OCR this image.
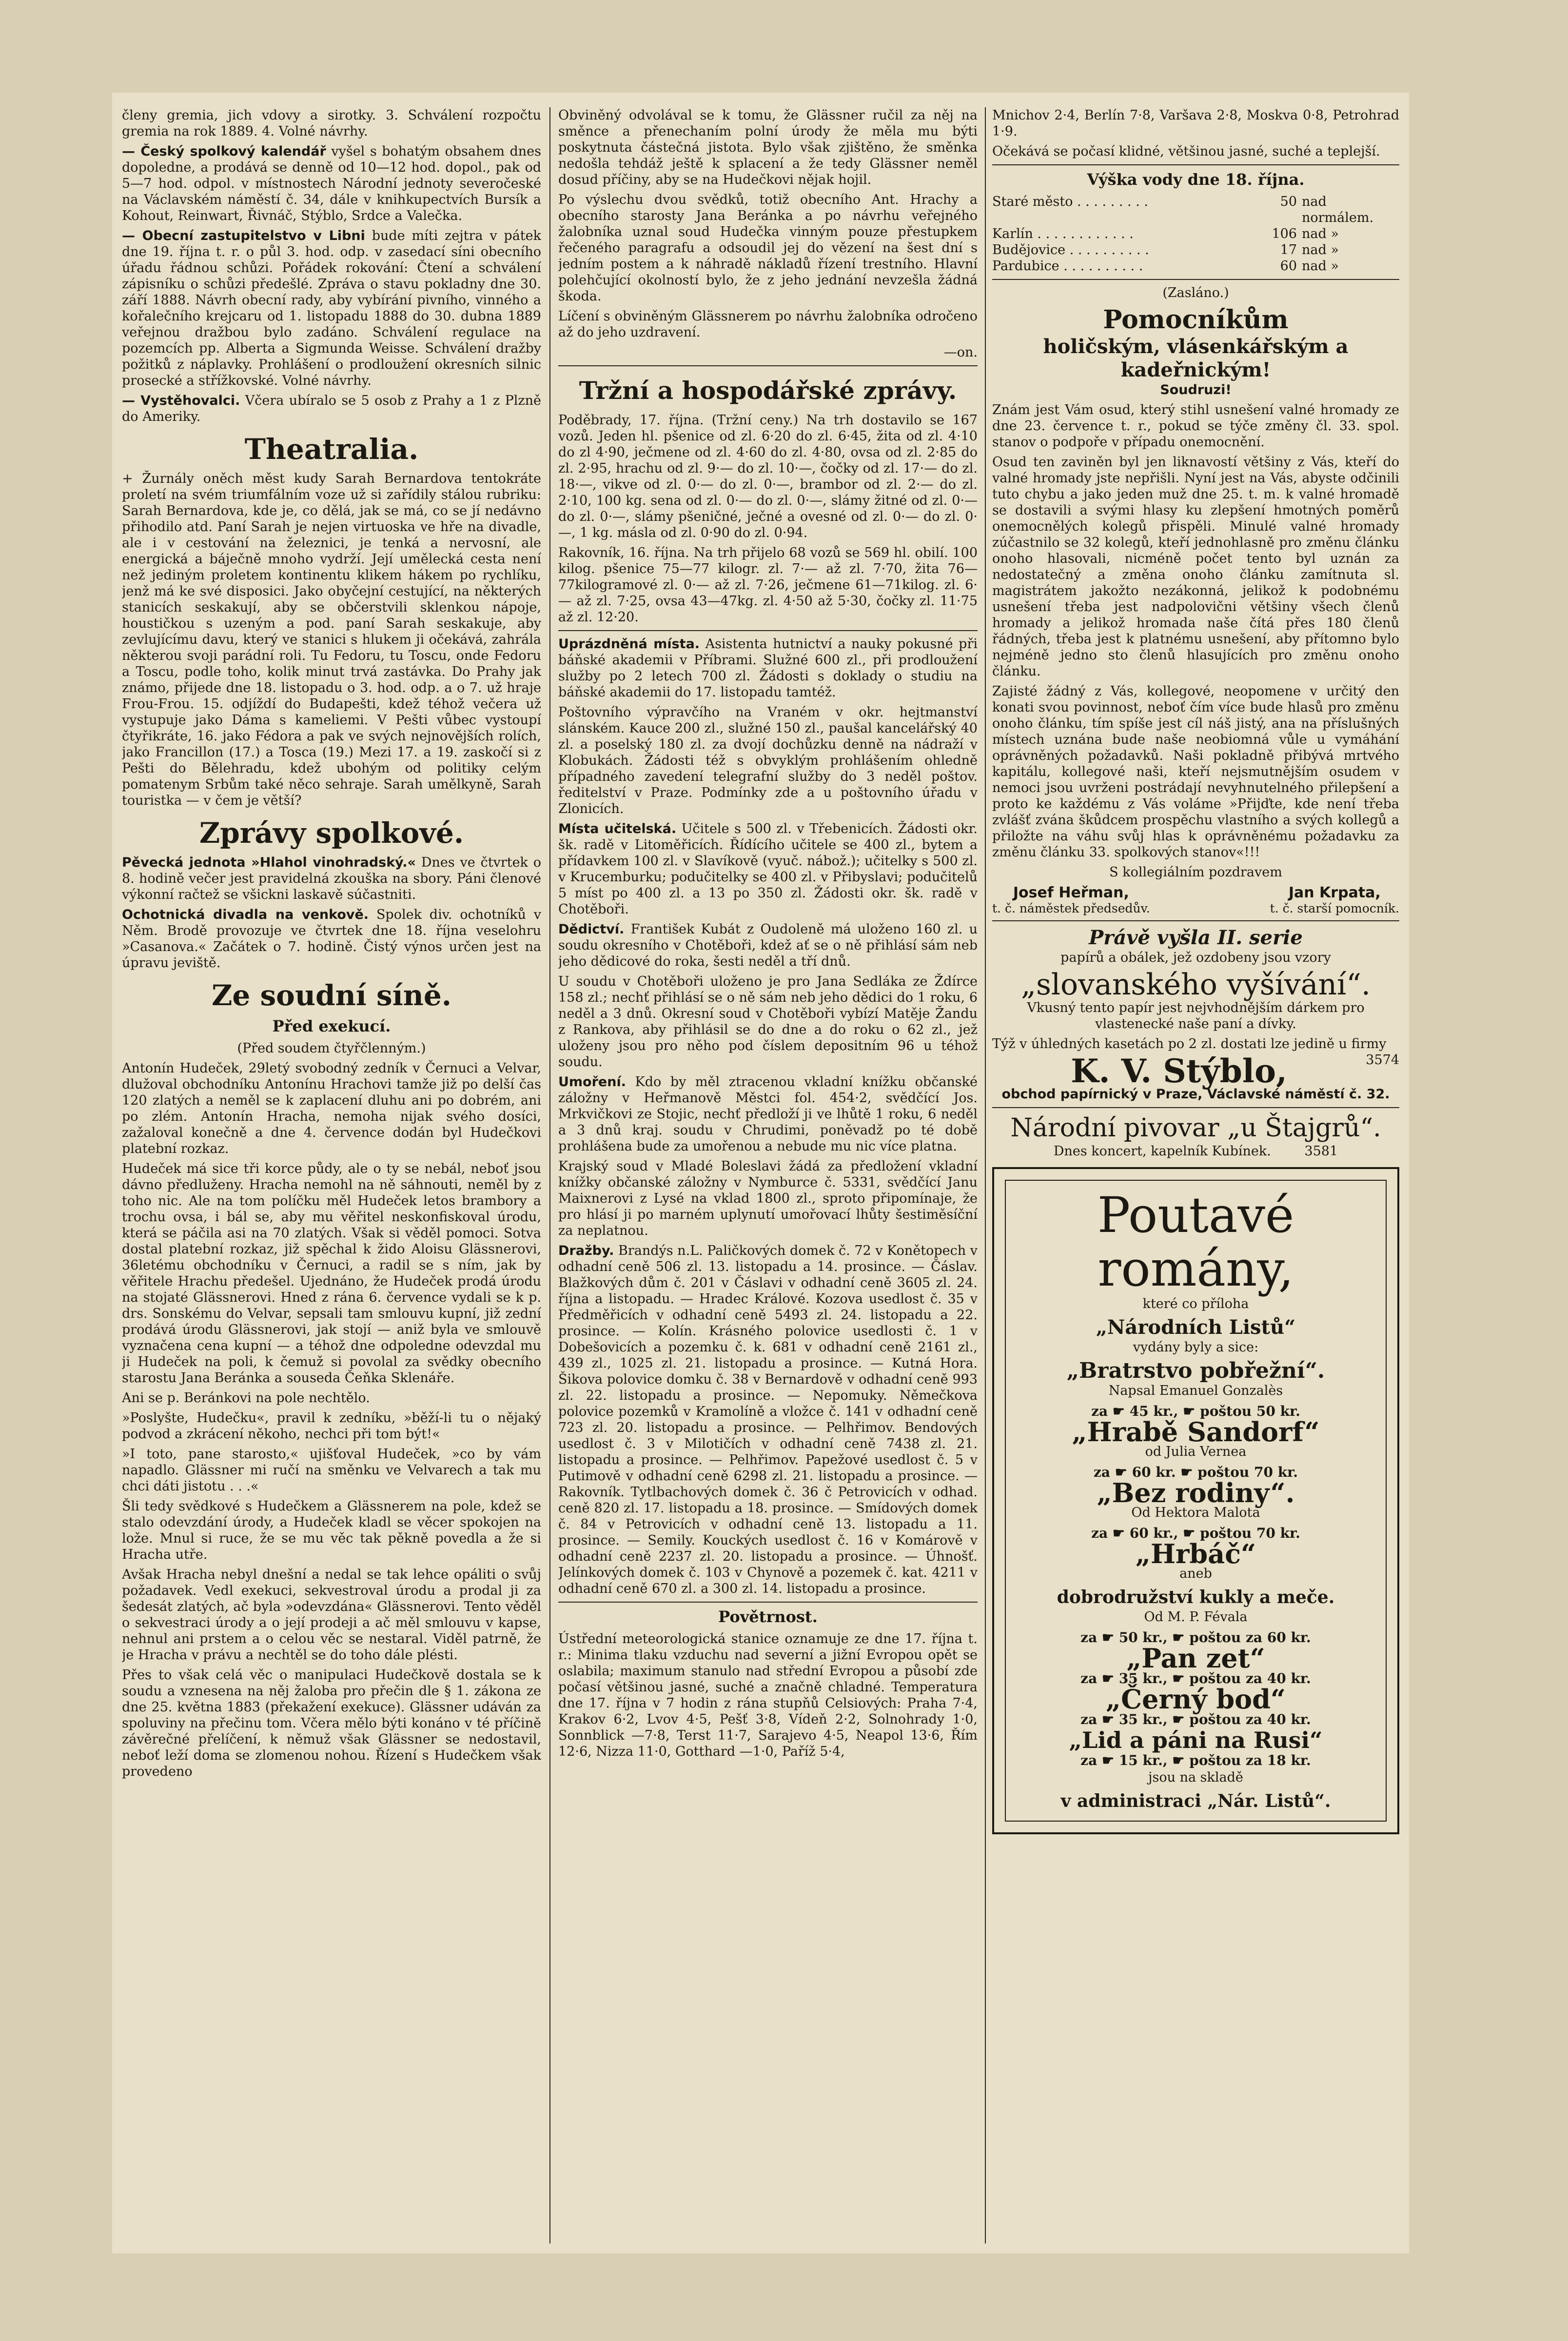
členy gremia, jich vdovy a sirotky. 3. Schválení rozpočtu gremia na rok 1889. 4. Volné návrhy.

— Český spolkový kalendář vyšel s bohatým obsahem dnes dopoledne, a prodává se denně od 10—12 hod. dopol., pak od 5—7 hod. odpol. v místnostech Národní jednoty severočeské na Václavském náměstí č. 34, dále v knihkupectvích Bursík a Kohout, Reinwart, Řivnáč, Stýblo, Srdce a Valečka.

— Obecní zastupitelstvo v Libni bude míti zejtra v pátek dne 19. října t. r. o půl 3. hod. odp. v zasedací síni obecního úřadu řádnou schůzi. Pořádek rokování: Čtení a schválení zápisníku o schůzi předešlé. Zpráva o stavu pokladny dne 30. září 1888. Návrh obecní rady, aby vybírání pivního, vinného a kořalečního krejcaru od 1. listopadu 1888 do 30. dubna 1889 veřejnou dražbou bylo zadáno. Schválení regulace na pozemcích pp. Alberta a Sigmunda Weisse. Schválení dražby požitků z náplavky. Prohlášení o prodloužení okresních silnic prosecké a střížkovské. Volné návrhy.

— Vystěhovalci. Včera ubíralo se 5 osob z Prahy a 1 z Plzně do Ameriky.

Theatralia.

+ Žurnály oněch měst kudy Sarah Bernardova tentokráte proletí na svém triumfálním voze už si zařídily stálou rubriku: Sarah Bernardova, kde je, co dělá, jak se má, co se jí nedávno přihodilo atd. Paní Sarah je nejen virtuoska ve hře na divadle, ale i v cestování na železnici, je tenká a nervosní, ale energická a báječně mnoho vydrží. Její umělecká cesta není než jediným proletem kontinentu klikem hákem po rychlíku, jenž má ke své disposici. Jako obyčejní cestující, na některých stanicích seskakují, aby se občerstvili sklenkou nápoje, houstičkou s uzeným a pod. paní Sarah seskakuje, aby zevlujícímu davu, který ve stanici s hlukem ji očekává, zahrála některou svoji parádní roli. Tu Fedoru, tu Toscu, onde Fedoru a Toscu, podle toho, kolik minut trvá zastávka. Do Prahy jak známo, přijede dne 18. listopadu o 3. hod. odp. a o 7. už hraje Frou-Frou. 15. odjíždí do Budapešti, kdež téhož večera už vystupuje jako Dáma s kameliemi. V Pešti vůbec vystoupí čtyřikráte, 16. jako Fédora a pak ve svých nejnovějších rolích, jako Francillon (17.) a Tosca (19.) Mezi 17. a 19. zaskočí si z Pešti do Bělehradu, kdež ubohým od politiky celým pomatenym Srbům také něco sehraje. Sarah umělkyně, Sarah touristka — v čem je větší?

Zprávy spolkové.

Pěvecká jednota »Hlahol vinohradský.« Dnes ve čtvrtek o 8. hodině večer jest pravidelná zkouška na sbory. Páni členové výkonní račtež se všickni laskavě súčastniti.

Ochotnická divadla na venkově. Spolek div. ochotníků v Něm. Brodě provozuje ve čtvrtek dne 18. října veselohru »Casanova.« Začátek o 7. hodině. Čistý výnos určen jest na úpravu jeviště.

Ze soudní síně.
Před exekucí.

(Před soudem čtyřčlenným.)

Antonín Hudeček, 29letý svobodný zedník v Černuci a Velvar, dlužoval obchodníku Antonínu Hrachovi tamže již po delší čas 120 zlatých a neměl se k zaplacení dluhu ani po dobrém, ani po zlém. Antonín Hracha, nemoha nijak svého dosíci, zažaloval konečně a dne 4. července dodán byl Hudečkovi platební rozkaz.

Hudeček má sice tři korce půdy, ale o ty se nebál, neboť jsou dávno předluženy. Hracha nemohl na ně sáhnouti, neměl by z toho nic. Ale na tom políčku měl Hudeček letos brambory a trochu ovsa, i bál se, aby mu věřitel neskonfiskoval úrodu, která se páčila asi na 70 zlatých. Však si věděl pomoci. Sotva dostal platební rozkaz, již spěchal k žido Aloisu Glässnerovi, 36letému obchodníku v Černuci, a radil se s ním, jak by věřitele Hrachu předešel. Ujednáno, že Hudeček prodá úrodu na stojaté Glässnerovi. Hned z rána 6. července vydali se k p. drs. Sonskému do Velvar, sepsali tam smlouvu kupní, již zední prodává úrodu Glässnerovi, jak stojí — aniž byla ve smlouvě vyznačena cena kupní — a téhož dne odpoledne odevzdal mu ji Hudeček na poli, k čemuž si povolal za svědky obecního starostu Jana Beránka a souseda Čeňka Sklenáře.

Ani se p. Beránkovi na pole nechtělo.

»Poslyšte, Hudečku«, pravil k zedníku, »běží-li tu o nějaký podvod a zkrácení někoho, nechci při tom být!«

»I toto, pane starosto,« ujišťoval Hudeček, »co by vám napadlo. Glässner mi ručí na směnku ve Velvarech a tak mu chci dáti jistotu . . .«

Šli tedy svědkové s Hudečkem a Glässnerem na pole, kdež se stalo odevzdání úrody, a Hudeček kladl se věcer spokojen na lože. Mnul si ruce, že se mu věc tak pěkně povedla a že si Hracha utře.

Avšak Hracha nebyl dnešní a nedal se tak lehce opáliti o svůj požadavek. Vedl exekuci, sekvestroval úrodu a prodal ji za šedesát zlatých, ač byla »odevzdána« Glässnerovi. Tento věděl o sekvestraci úrody a o její prodeji a ač měl smlouvu v kapse, nehnul ani prstem a o celou věc se nestaral. Viděl patrně, že je Hracha v právu a nechtěl se do toho dále plésti.

Přes to však celá věc o manipulaci Hudečkově dostala se k soudu a vznesena na něj žaloba pro přečin dle § 1. zákona ze dne 25. května 1883 (překažení exekuce). Glässner udáván za spoluviny na přečinu tom. Včera mělo býti konáno v té příčině závěrečné přelíčení, k němuž však Glässner se nedostavil, neboť leží doma se zlomenou nohou. Řízení s Hudečkem však provedeno

Obviněný odvolával se k tomu, že Glässner ručil za něj na směnce a přenechaním polní úrody že měla mu býti poskytnuta částečná jistota. Bylo však zjištěno, že směnka nedošla tehdáž ještě k splacení a že tedy Glässner neměl dosud příčiny, aby se na Hudečkovi nějak hojil.

Po výslechu dvou svědků, totiž obecního Ant. Hrachy a obecního starosty Jana Beránka a po návrhu veřejného žalobníka uznal soud Hudečka vinným pouze přestupkem řečeného paragrafu a odsoudil jej do vězení na šest dní s jedním postem a k náhradě nákladů řízení trestního. Hlavní polehčující okolností bylo, že z jeho jednání nevzešla žádná škoda.

Líčení s obviněným Glässnerem po návrhu žalobníka odročeno až do jeho uzdravení.

—on.

Tržní a hospodářské zprávy.

Poděbrady, 17. října. (Tržní ceny.) Na trh dostavilo se 167 vozů. Jeden hl. pšenice od zl. 6·20 do zl. 6·45, žita od zl. 4·10 do zl 4·90, ječmene od zl. 4·60 do zl. 4·80, ovsa od zl. 2·85 do zl. 2·95, hrachu od zl. 9·— do zl. 10·—, čočky od zl. 17·— do zl. 18·—, vikve od zl. 0·— do zl. 0·—, brambor od zl. 2·— do zl. 2·10, 100 kg. sena od zl. 0·— do zl. 0·—, slámy žitné od zl. 0·— do zl. 0·—, slámy pšeničné, ječné a ovesné od zl. 0·— do zl. 0·—, 1 kg. másla od zl. 0·90 do zl. 0·94.

Rakovník, 16. října. Na trh přijelo 68 vozů se 569 hl. obilí. 100 kilog. pšenice 75—77 kilogr. zl. 7·— až zl. 7·70, žita 76—77kilogramové zl. 0·— až zl. 7·26, ječmene 61—71kilog. zl. 6·— až zl. 7·25, ovsa 43—47kg. zl. 4·50 až 5·30, čočky zl. 11·75 až zl. 12·20.

Uprázdněná místa. Asistenta hutnictví a nauky pokusné při báňské akademii v Příbrami. Služné 600 zl., při prodloužení služby po 2 letech 700 zl. Žádosti s doklady o studiu na báňské akademii do 17. listopadu tamtéž.

Poštovního výpravčího na Vraném v okr. hejtmanství slánském. Kauce 200 zl., služné 150 zl., paušal kancelářský 40 zl. a poselský 180 zl. za dvojí dochůzku denně na nádraží v Klobukách. Žádosti též s obvyklým prohlášením ohledně případného zavedení telegrafní služby do 3 neděl poštov. ředitelství v Praze. Podmínky zde a u poštovního úřadu v Zlonicích.

Místa učitelská. Učitele s 500 zl. v Třebenicích. Žádosti okr. šk. radě v Litoměřicích. Řídícího učitele se 400 zl., bytem a přídavkem 100 zl. v Slavíkově (vyuč. nábož.); učitelky s 500 zl. v Krucemburku; podučitelky se 400 zl. v Přibyslavi; podučitelů 5 míst po 400 zl. a 13 po 350 zl. Žádosti okr. šk. radě v Chotěboři.

Dědictví. František Kubát z Oudoleně má uloženo 160 zl. u soudu okresního v Chotěboři, kdež ať se o ně přihlásí sám neb jeho dědicové do roka, šesti neděl a tří dnů.

U soudu v Chotěboři uloženo je pro Jana Sedláka ze Ždírce 158 zl.; nechť přihlásí se o ně sám neb jeho dědici do 1 roku, 6 neděl a 3 dnů. Okresní soud v Chotěboři vybízí Matěje Žandu z Rankova, aby přihlásil se do dne a do roku o 62 zl., jež uloženy jsou pro něho pod číslem depositním 96 u téhož soudu.

Umoření. Kdo by měl ztracenou vkladní knížku občanské záložny v Heřmanově Městci fol. 454·2, svědčící Jos. Mrkvičkovi ze Stojic, nechť předloží ji ve lhůtě 1 roku, 6 neděl a 3 dnů kraj. soudu v Chrudimi, poněvadž po té době prohlášena bude za umořenou a nebude mu nic více platna.

Krajský soud v Mladé Boleslavi žádá za předložení vkladní knížky občanské záložny v Nymburce č. 5331, svědčící Janu Maixnerovi z Lysé na vklad 1800 zl., sproto připomínaje, že pro hlásí ji po marném uplynutí umořovací lhůty šestiměsíční za neplatnou.

Dražby. Brandýs n.L. Paličkových domek č. 72 v Konětopech v odhadní ceně 506 zl. 13. listopadu a 14. prosince. — Čáslav. Blažkových dům č. 201 v Čáslavi v odhadní ceně 3605 zl. 24. října a listopadu. — Hradec Králové. Kozova usedlost č. 35 v Předměřicích v odhadní ceně 5493 zl. 24. listopadu a 22. prosince. — Kolín. Krásného polovice usedlosti č. 1 v Dobešovicích a pozemku č. k. 681 v odhadní ceně 2161 zl., 439 zl., 1025 zl. 21. listopadu a prosince. — Kutná Hora. Šikova polovice domku č. 38 v Bernardově v odhadní ceně 993 zl. 22. listopadu a prosince. — Nepomuky. Němečkova polovice pozemků v Kramolíně a vložce č. 141 v odhadní ceně 723 zl. 20. listopadu a prosince. — Pelhřimov. Bendových usedlost č. 3 v Milotičích v odhadní ceně 7438 zl. 21. listopadu a prosince. — Pelhřimov. Papežové usedlost č. 5 v Putimově v odhadní ceně 6298 zl. 21. listopadu a prosince. — Rakovník. Tytlbachových domek č. 36 č Petrovicích v odhad. ceně 820 zl. 17. listopadu a 18. prosince. — Smídových domek č. 84 v Petrovicích v odhadní ceně 13. listopadu a 11. prosince. — Semily. Kouckých usedlost č. 16 v Komárově v odhadní ceně 2237 zl. 20. listopadu a prosince. — Úhnošť. Jelínkových domek č. 103 v Chynově a pozemek č. kat. 4211 v odhadní ceně 670 zl. a 300 zl. 14. listopadu a prosince.

Povětrnost.

Ústřední meteorologická stanice oznamuje ze dne 17. října t. r.: Minima tlaku vzduchu nad severní a jižní Evropou opět se oslabila; maximum stanulo nad střední Evropou a působí zde počasí většinou jasné, suché a značně chladné. Temperatura dne 17. října v 7 hodin z rána stupňů Celsiových: Praha 7·4, Krakov 6·2, Lvov 4·5, Pešť 3·8, Vídeň 2·2, Solnohrady 1·0, Sonnblick —7·8, Terst 11·7, Sarajevo 4·5, Neapol 13·6, Řím 12·6, Nizza 11·0, Gotthard —1·0, Paříž 5·4,

Mnichov 2·4, Berlín 7·8, Varšava 2·8, Moskva 0·8, Petrohrad 1·9.

Očekává se počasí klidné, většinou jasné, suché a teplejší.

Výška vody dne 18. října.
Staré město . . . . . . . . .	50 nad normálem.
Karlín . . . . . . . . . . . .	106 nad »
Budějovice . . . . . . . . . .	17 nad »
Pardubice . . . . . . . . . .	60 nad »

(Zasláno.)

Pomocníkům
holičským, vlásenkářským a kadeřnickým!

Soudruzi!

Znám jest Vám osud, který stihl usnešení valné hromady ze dne 23. července t. r., pokud se týče změny čl. 33. spol. stanov o podpoře v případu onemocnění.

Osud ten zaviněn byl jen liknavostí většiny z Vás, kteří do valné hromady jste nepřišli. Nyní jest na Vás, abyste odčinili tuto chybu a jako jeden muž dne 25. t. m. k valné hromadě se dostavili a svými hlasy ku zlepšení hmotných poměrů onemocnělých kolegů přispěli. Minulé valné hromady zúčastnilo se 32 kolegů, kteří jednohlasně pro změnu článku onoho hlasovali, nicméně počet tento byl uznán za nedostatečný a změna onoho článku zamítnuta sl. magistrátem jakožto nezákonná, jelikož k podobnému usnešení třeba jest nadpolovični většiny všech členů hromady a jelikož hromada naše čítá přes 180 členů řádných, třeba jest k platnému usnešení, aby přítomno bylo nejméně jedno sto členů hlasujících pro změnu onoho článku.

Zajisté žádný z Vás, kollegové, neopomene v určitý den konati svou povinnost, neboť čím více bude hlasů pro změnu onoho článku, tím spíše jest cíl náš jistý, ana na příslušných místech uznána bude naše neobiomná vůle u vymáhání oprávněných požadavků. Naši pokladně přibývá mrtvého kapitálu, kollegové naši, kteří nejsmutnějším osudem v nemoci jsou uvrženi postrádají nevyhnutelného přilepšení a proto ke každému z Vás voláme »Přijďte, kde není třeba zvlášť zvána škůdcem prospěchu vlastního a svých kollegů a přiložte na váhu svůj hlas k oprávněnému požadavku za změnu článku 33. spolkových stanov«!!!

S kollegiálním pozdravem

Josef Heřman,
t. č. náměstek předsedův.
Jan Krpata,
t. č. starší pomocník.
Právě vyšla II. serie

papírů a obálek, jež ozdobeny jsou vzory

„slovanského vyšívání“.

Vkusný tento papír jest nejvhodnějším dárkem pro vlastenecké naše paní a dívky.

Týž v úhledných kasetách po 2 zl. dostati lze jedině u firmy
3574

K. V. Stýblo,

obchod papírnický v Praze, Václavské náměstí č. 32.

Národní pivovar „u Štajgrů“.

Dnes koncert, kapelník Kubínek.	3581

Poutavé romány,

které co příloha

„Národních Listů“

vydány byly a sice:

„Bratrstvo pobřežní“.

Napsal Emanuel Gonzalès

za ☛ 45 kr., ☛ poštou 50 kr.
„Hrabě Sandorf“

od Julia Vernea

za ☛ 60 kr. ☛ poštou 70 kr.
„Bez rodiny“.

Od Hektora Malota

za ☛ 60 kr., ☛ poštou 70 kr.
„Hrbáč“

aneb

dobrodružství kukly a meče.

Od M. P. Févala

za ☛ 50 kr., ☛ poštou za 60 kr.
„Pan zet“
za ☛ 35 kr., ☛ poštou za 40 kr.
„Černý bod“
za ☛ 35 kr., ☛ poštou za 40 kr.
„Lid a páni na Rusi“
za ☛ 15 kr., ☛ poštou za 18 kr.

jsou na skladě

v administraci „Nár. Listů“.
